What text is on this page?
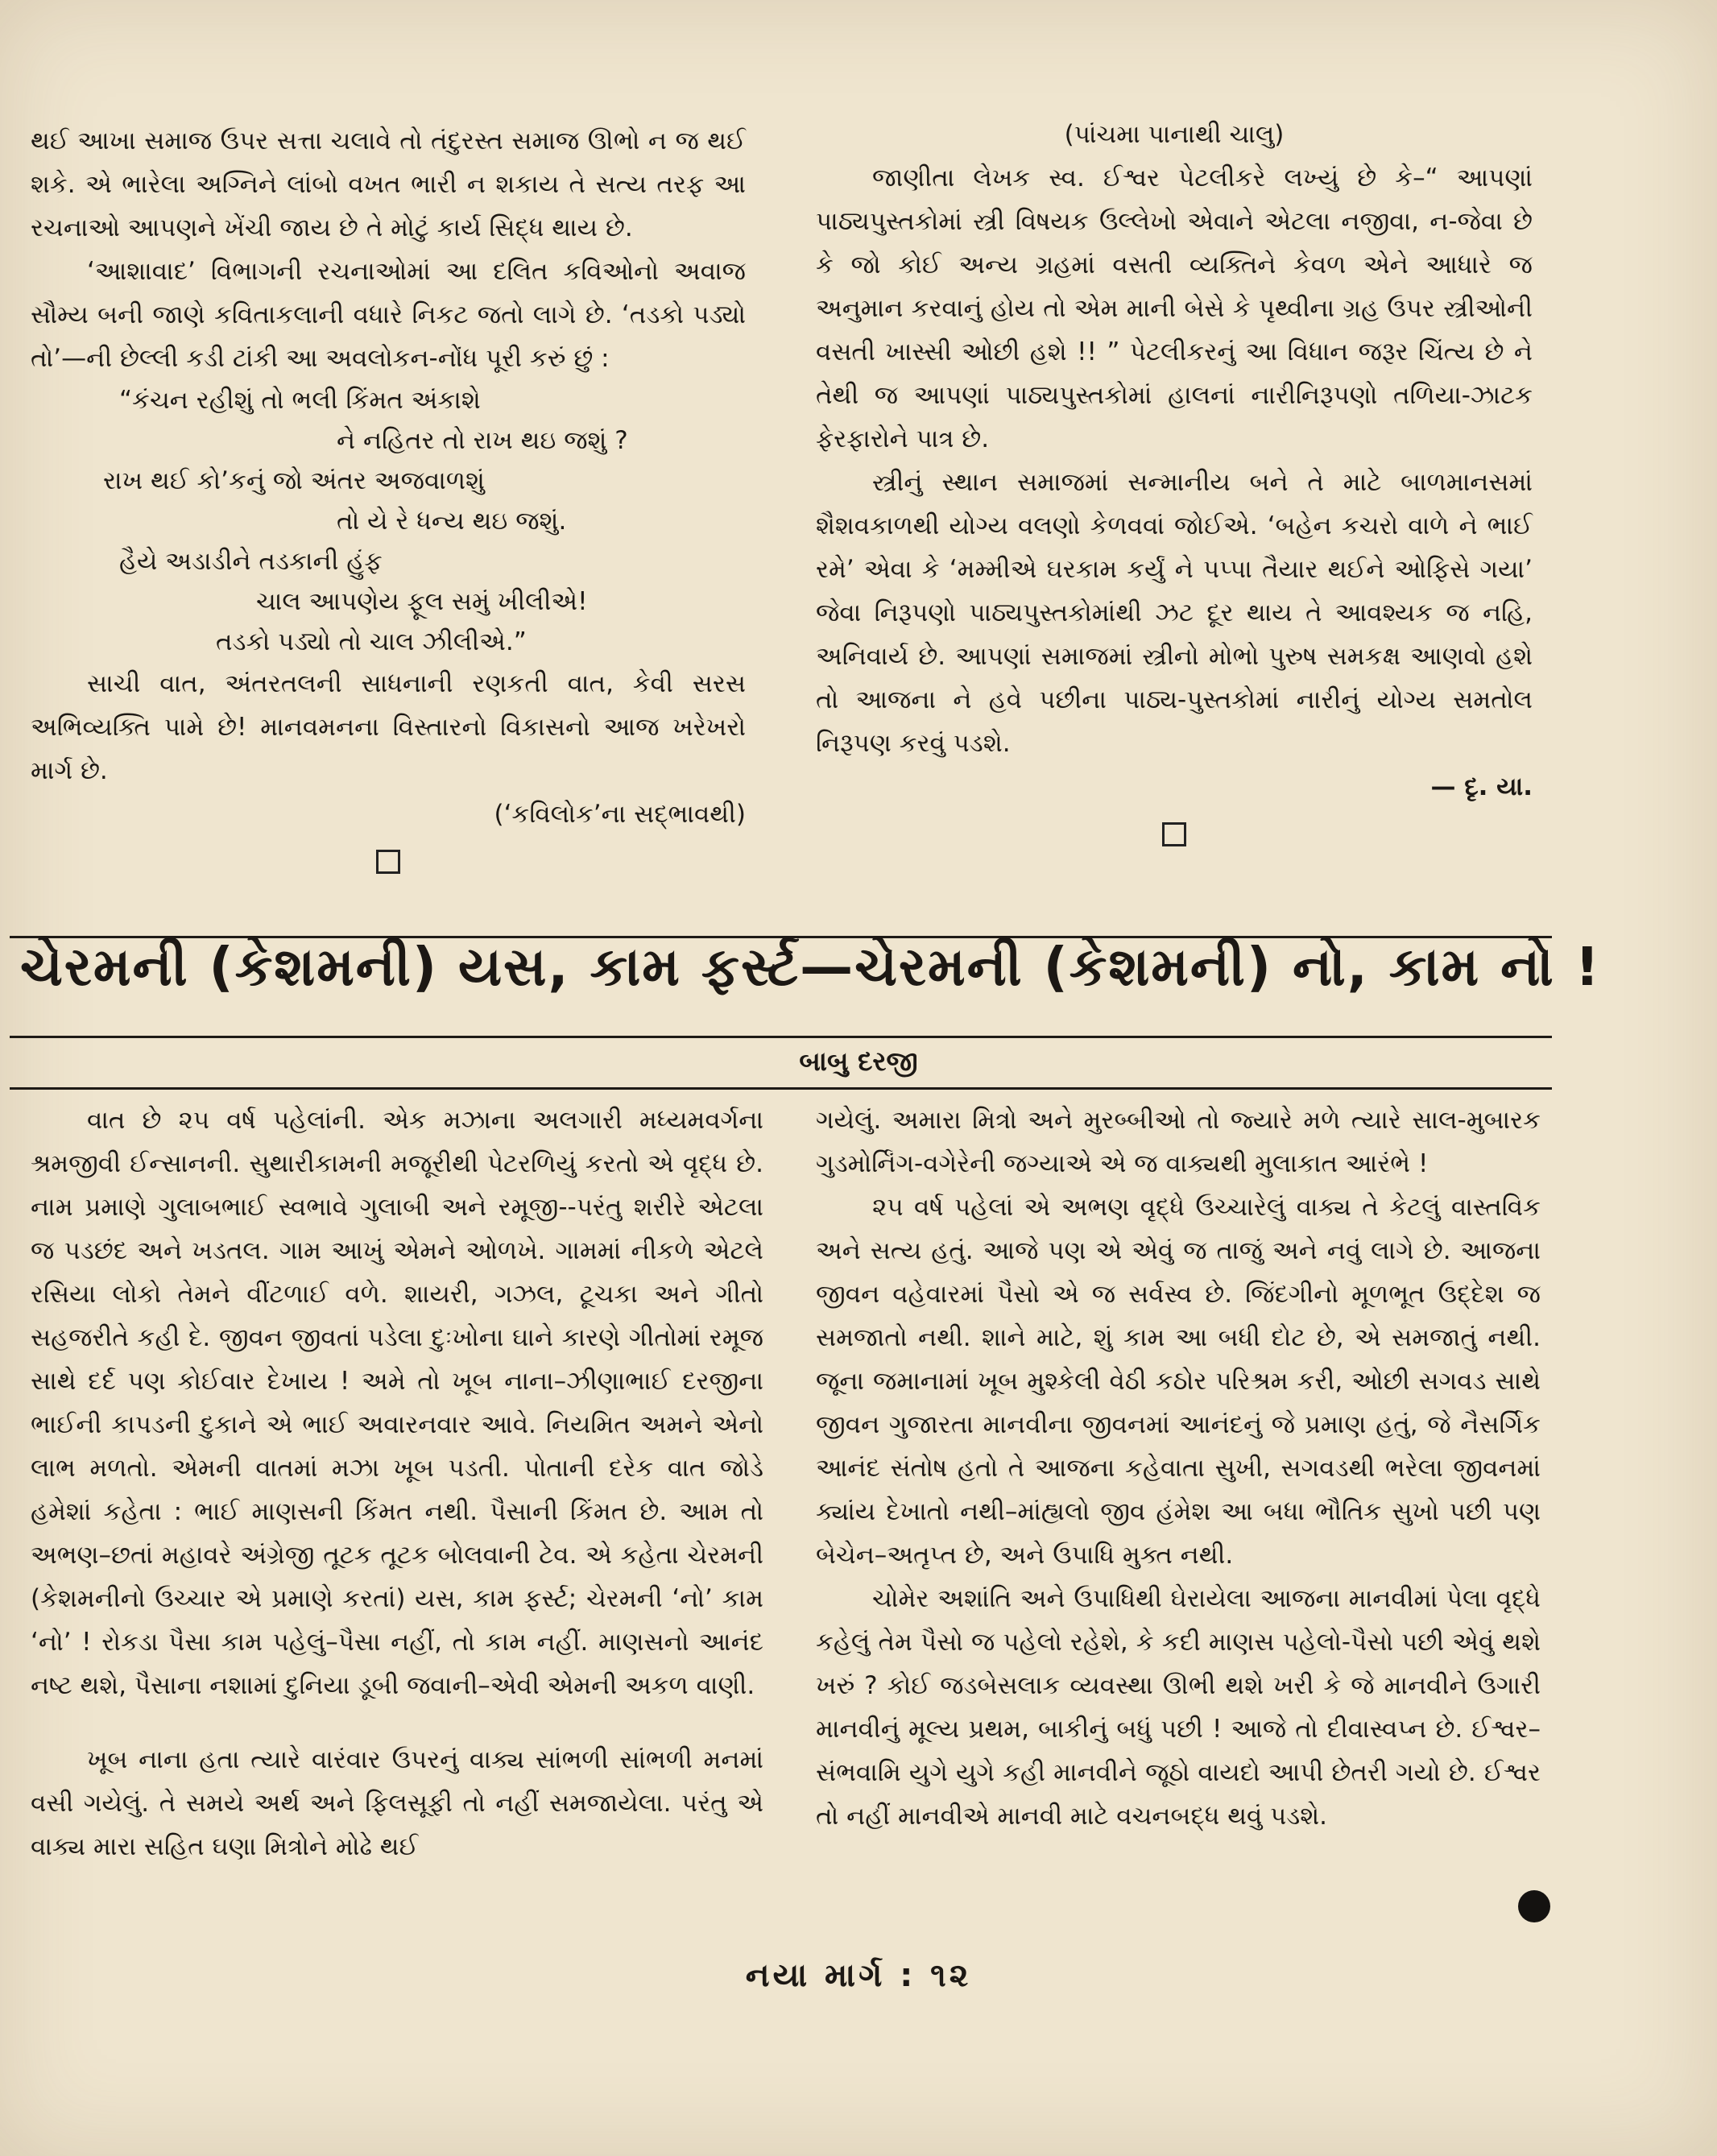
થઈ આખા સમાજ ઉપર સત્તા ચલાવે તો તંદુરસ્ત સમાજ ઊભો ન જ થઈ શકે. એ ભારેલા અગ્નિને લાંબો વખત ભારી ન શકાય તે સત્ય તરફ આ રચનાઓ આપણને ખેંચી જાય છે તે મોટું કાર્ય સિદ્ધ થાય છે.

‘આશાવાદ’ વિભાગની રચનાઓમાં આ દલિત કવિઓનો અવાજ સૌમ્ય બની જાણે કવિતાકલાની વધારે નિકટ જતો લાગે છે. ‘તડકો પડ્યો તો’—ની છેલ્લી કડી ટાંકી આ અવલોકન-નોંધ પૂરી કરું છું :

“કંચન રહીશું તો ભલી કિંમત અંકાશે
ને નહિતર તો રાખ થઇ જશું ?
રાખ થઈ કો’કનું જો અંતર અજવાળશું
તો યે રે ધન્ય થઇ જશું.
હૈયે અડાડીને તડકાની હુંફ
ચાલ આપણેય ફૂલ સમું ખીલીએ!
તડકો પડ્યો તો ચાલ ઝીલીએ.”

સાચી વાત, અંતરતલની સાધનાની રણકતી વાત, કેવી સરસ અભિવ્યક્તિ પામે છે! માનવમનના વિસ્તારનો વિકાસનો આજ ખરેખરો માર્ગ છે.

(‘કવિલોક’ના સદ્‌ભાવથી)

(પાંચમા પાનાથી ચાલુ)

જાણીતા લેખક સ્વ. ઈશ્વર પેટલીકરે લખ્યું છે કે–“ આપણાં પાઠ્યપુસ્તકોમાં સ્ત્રી વિષયક ઉલ્લેખો એવાને એટલા નજીવા, ન-જેવા છે કે જો કોઈ અન્ય ગ્રહમાં વસતી વ્યક્તિને કેવળ એને આધારે જ અનુમાન કરવાનું હોય તો એમ માની બેસે કે પૃથ્વીના ગ્રહ ઉપર સ્ત્રીઓની વસતી ખાસ્સી ઓછી હશે !! ” પેટલીકરનું આ વિધાન જરૂર ચિંત્ય છે ને તેથી જ આપણાં પાઠ્યપુસ્તકોમાં હાલનાં નારીનિરૂપણો તળિયા-ઝાટક ફેરફારોને પાત્ર છે.

સ્ત્રીનું સ્થાન સમાજમાં સન્માનીય બને તે માટે બાળમાનસમાં શૈશવકાળથી યોગ્ય વલણો કેળવવાં જોઈએ. ‘બહેન કચરો વાળે ને ભાઈ રમે’ એવા કે ‘મમ્મીએ ઘરકામ કર્યું ને પપ્પા તૈયાર થઈને ઓફિસે ગયા’ જેવા નિરૂપણો પાઠ્યપુસ્તકોમાંથી ઝટ દૂર થાય તે આવશ્યક જ નહિ, અનિવાર્ય છે. આપણાં સમાજમાં સ્ત્રીનો મોભો પુરુષ સમકક્ષ આણવો હશે તો આજના ને હવે પછીના પાઠ્ય-પુસ્તકોમાં નારીનું યોગ્ય સમતોલ નિરૂપણ કરવું પડશે.

— દૃ. યા.

ચેરમની (કેશમની) યસ, કામ ફર્સ્ટ—ચેરમની (કેશમની) નો, કામ નો !
બાબુ દરજી

વાત છે ૨૫ વર્ષ પહેલાંની. એક મઝાના અલગારી મધ્યમવર્ગના શ્રમજીવી ઈન્સાનની. સુથારીકામની મજૂરીથી પેટરળિયું કરતો એ વૃદ્ધ છે. નામ પ્રમાણે ગુલાબભાઈ સ્વભાવે ગુલાબી અને રમૂજી--પરંતુ શરીરે એટલા જ પડછંદ અને ખડતલ. ગામ આખું એમને ઓળખે. ગામમાં નીકળે એટલે રસિયા લોકો તેમને વીંટળાઈ વળે. શાયરી, ગઝલ, ટૂચકા અને ગીતો સહજરીતે કહી દે. જીવન જીવતાં પડેલા દુઃખોના ઘાને કારણે ગીતોમાં રમૂજ સાથે દર્દ પણ કોઈવાર દેખાય ! અમે તો ખૂબ નાના–ઝીણાભાઈ દરજીના ભાઈની કાપડની દુકાને એ ભાઈ અવારનવાર આવે. નિયમિત અમને એનો લાભ મળતો. એમની વાતમાં મઝા ખૂબ પડતી. પોતાની દરેક વાત જોડે હમેશાં કહેતા : ભાઈ માણસની કિંમત નથી. પૈસાની કિંમત છે. આમ તો અભણ–છતાં મહાવરે અંગ્રેજી તૂટક તૂટક બોલવાની ટેવ. એ કહેતા ચેરમની (કેશમનીનો ઉચ્ચાર એ પ્રમાણે કરતાં) યસ, કામ ફર્સ્ટ; ચેરમની ‘નો’ કામ ‘નો’ ! રોકડા પૈસા કામ પહેલું–પૈસા નહીં, તો કામ નહીં. માણસનો આનંદ નષ્ટ થશે, પૈસાના નશામાં દુનિયા ડૂબી જવાની–એવી એમની અકળ વાણી.

ખૂબ નાના હતા ત્યારે વારંવાર ઉપરનું વાક્ય સાંભળી સાંભળી મનમાં વસી ગયેલું. તે સમયે અર્થ અને ફિલસૂફી તો નહીં સમજાયેલા. પરંતુ એ વાક્ય મારા સહિત ઘણા મિત્રોને મોઢે થઈ

ગયેલું. અમારા મિત્રો અને મુરબ્બીઓ તો જ્યારે મળે ત્યારે સાલ-મુબારક ગુડમોર્નિંગ-વગેરેની જગ્યાએ એ જ વાક્યથી મુલાકાત આરંભે !

૨૫ વર્ષ પહેલાં એ અભણ વૃદ્ધે ઉચ્ચારેલું વાક્ય તે કેટલું વાસ્તવિક અને સત્ય હતું. આજે પણ એ એવું જ તાજું અને નવું લાગે છે. આજના જીવન વહેવારમાં પૈસો એ જ સર્વસ્વ છે. જિંદગીનો મૂળભૂત ઉદ્દેશ જ સમજાતો નથી. શાને માટે, શું કામ આ બધી દોટ છે, એ સમજાતું નથી. જૂના જમાનામાં ખૂબ મુશ્કેલી વેઠી કઠોર પરિશ્રમ કરી, ઓછી સગવડ સાથે જીવન ગુજારતા માનવીના જીવનમાં આનંદનું જે પ્રમાણ હતું, જે નૈસર્ગિક આનંદ સંતોષ હતો તે આજના કહેવાતા સુખી, સગવડથી ભરેલા જીવનમાં ક્યાંય દેખાતો નથી–માંહ્યલો જીવ હંમેશ આ બધા ભૌતિક સુખો પછી પણ બેચેન–અતૃપ્ત છે, અને ઉપાધિ મુક્ત નથી.

ચોમેર અશાંતિ અને ઉપાધિથી ઘેરાયેલા આજના માનવીમાં પેલા વૃદ્ધે કહેલું તેમ પૈસો જ પહેલો રહેશે, કે કદી માણસ પહેલો-પૈસો પછી એવું થશે ખરું ? કોઈ જડબેસલાક વ્યવસ્થા ઊભી થશે ખરી કે જે માનવીને ઉગારી માનવીનું મૂલ્ય પ્રથમ, બાકીનું બધું પછી ! આજે તો દીવાસ્વપ્ન છે. ઈશ્વર–સંભવામિ યુગે યુગે કહી માનવીને જૂઠો વાયદો આપી છેતરી ગયો છે. ઈશ્વર તો નહીં માનવીએ માનવી માટે વચનબદ્ધ થવું પડશે.

નયા માર્ગ : ૧૨
